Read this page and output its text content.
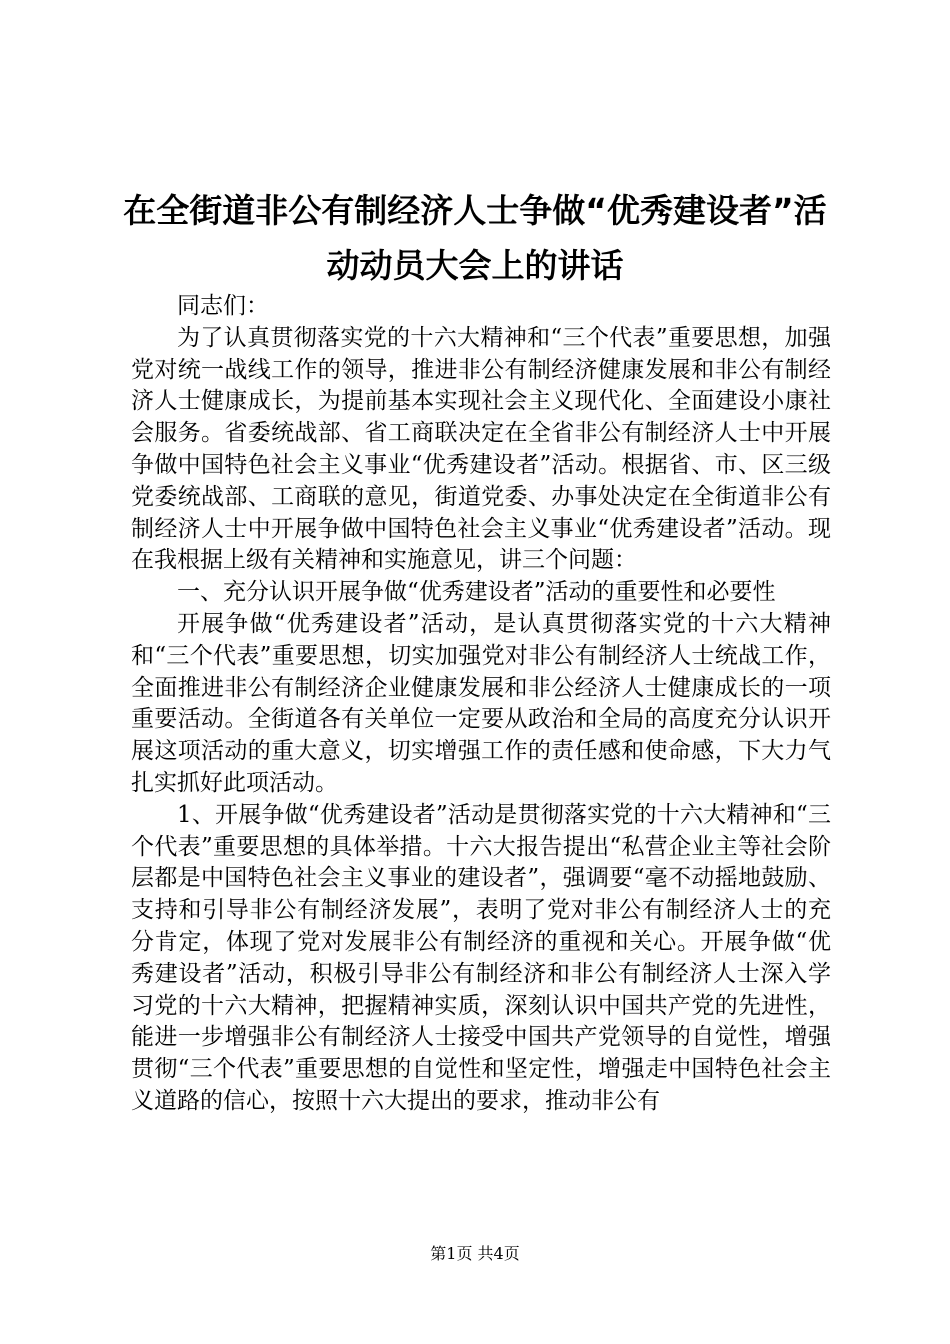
在全街道非公有制经济人士争做“优秀建设者”活动动员大会上的讲话

同志们：

为了认真贯彻落实党的十六大精神和“三个代表”重要思想，加强党对统一战线工作的领导，推进非公有制经济健康发展和非公有制经济人士健康成长，为提前基本实现社会主义现代化、全面建设小康社会服务。省委统战部、省工商联决定在全省非公有制经济人士中开展争做中国特色社会主义事业“优秀建设者”活动。根据省、市、区三级党委统战部、工商联的意见，街道党委、办事处决定在全街道非公有制经济人士中开展争做中国特色社会主义事业“优秀建设者”活动。现在我根据上级有关精神和实施意见，讲三个问题：

一、充分认识开展争做“优秀建设者”活动的重要性和必要性

开展争做“优秀建设者”活动，是认真贯彻落实党的十六大精神和“三个代表”重要思想，切实加强党对非公有制经济人士统战工作，全面推进非公有制经济企业健康发展和非公经济人士健康成长的一项重要活动。全街道各有关单位一定要从政治和全局的高度充分认识开展这项活动的重大意义，切实增强工作的责任感和使命感，下大力气扎实抓好此项活动。

1、开展争做“优秀建设者”活动是贯彻落实党的十六大精神和“三个代表”重要思想的具体举措。十六大报告提出“私营企业主等社会阶层都是中国特色社会主义事业的建设者”，强调要“毫不动摇地鼓励、支持和引导非公有制经济发展”，表明了党对非公有制经济人士的充分肯定，体现了党对发展非公有制经济的重视和关心。开展争做“优秀建设者”活动，积极引导非公有制经济和非公有制经济人士深入学习党的十六大精神，把握精神实质，深刻认识中国共产党的先进性，能进一步增强非公有制经济人士接受中国共产党领导的自觉性，增强贯彻“三个代表”重要思想的自觉性和坚定性，增强走中国特色社会主义道路的信心，按照十六大提出的要求，推动非公有

第1页 共4页
